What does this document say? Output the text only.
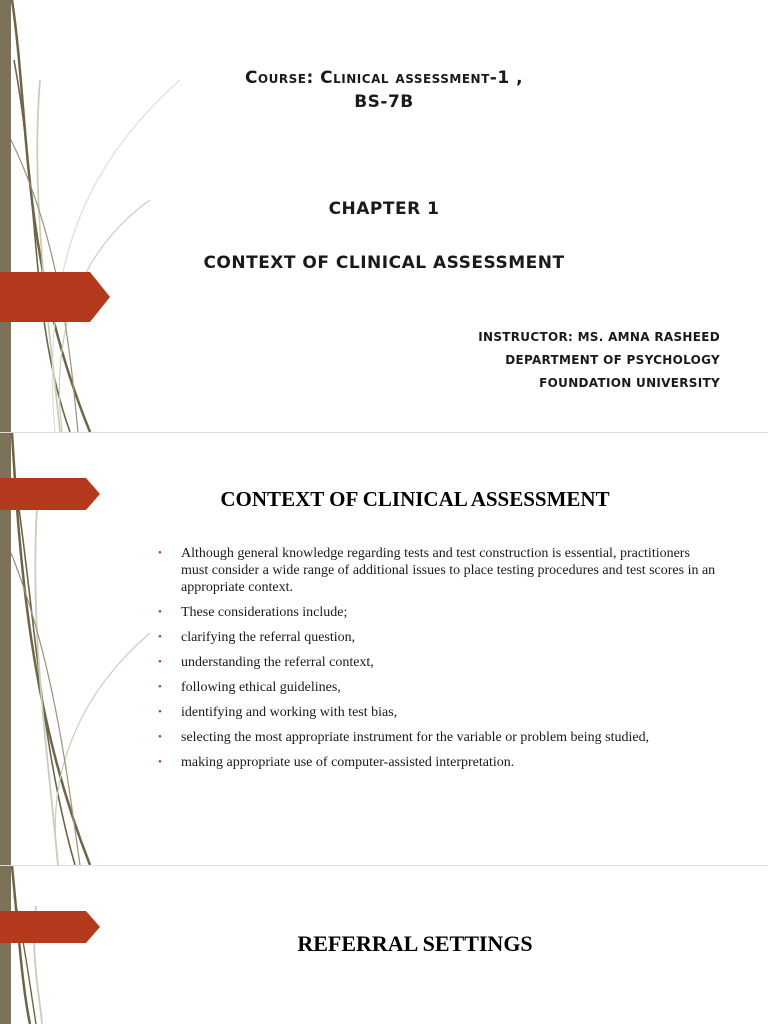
Course: Clinical assessment-1 ,
BS-7B
CHAPTER 1
CONTEXT OF CLINICAL ASSESSMENT
INSTRUCTOR: MS. AMNA RASHEED
DEPARTMENT OF PSYCHOLOGY
FOUNDATION UNIVERSITY
CONTEXT OF CLINICAL ASSESSMENT
• Although general knowledge regarding tests and test construction is essential, practitioners must consider a wide range of additional issues to place testing procedures and test scores in an appropriate context.
• These considerations include;
• clarifying the referral question,
• understanding the referral context,
• following ethical guidelines,
• identifying and working with test bias,
• selecting the most appropriate instrument for the variable or problem being studied,
• making appropriate use of computer-assisted interpretation.
REFERRAL SETTINGS
